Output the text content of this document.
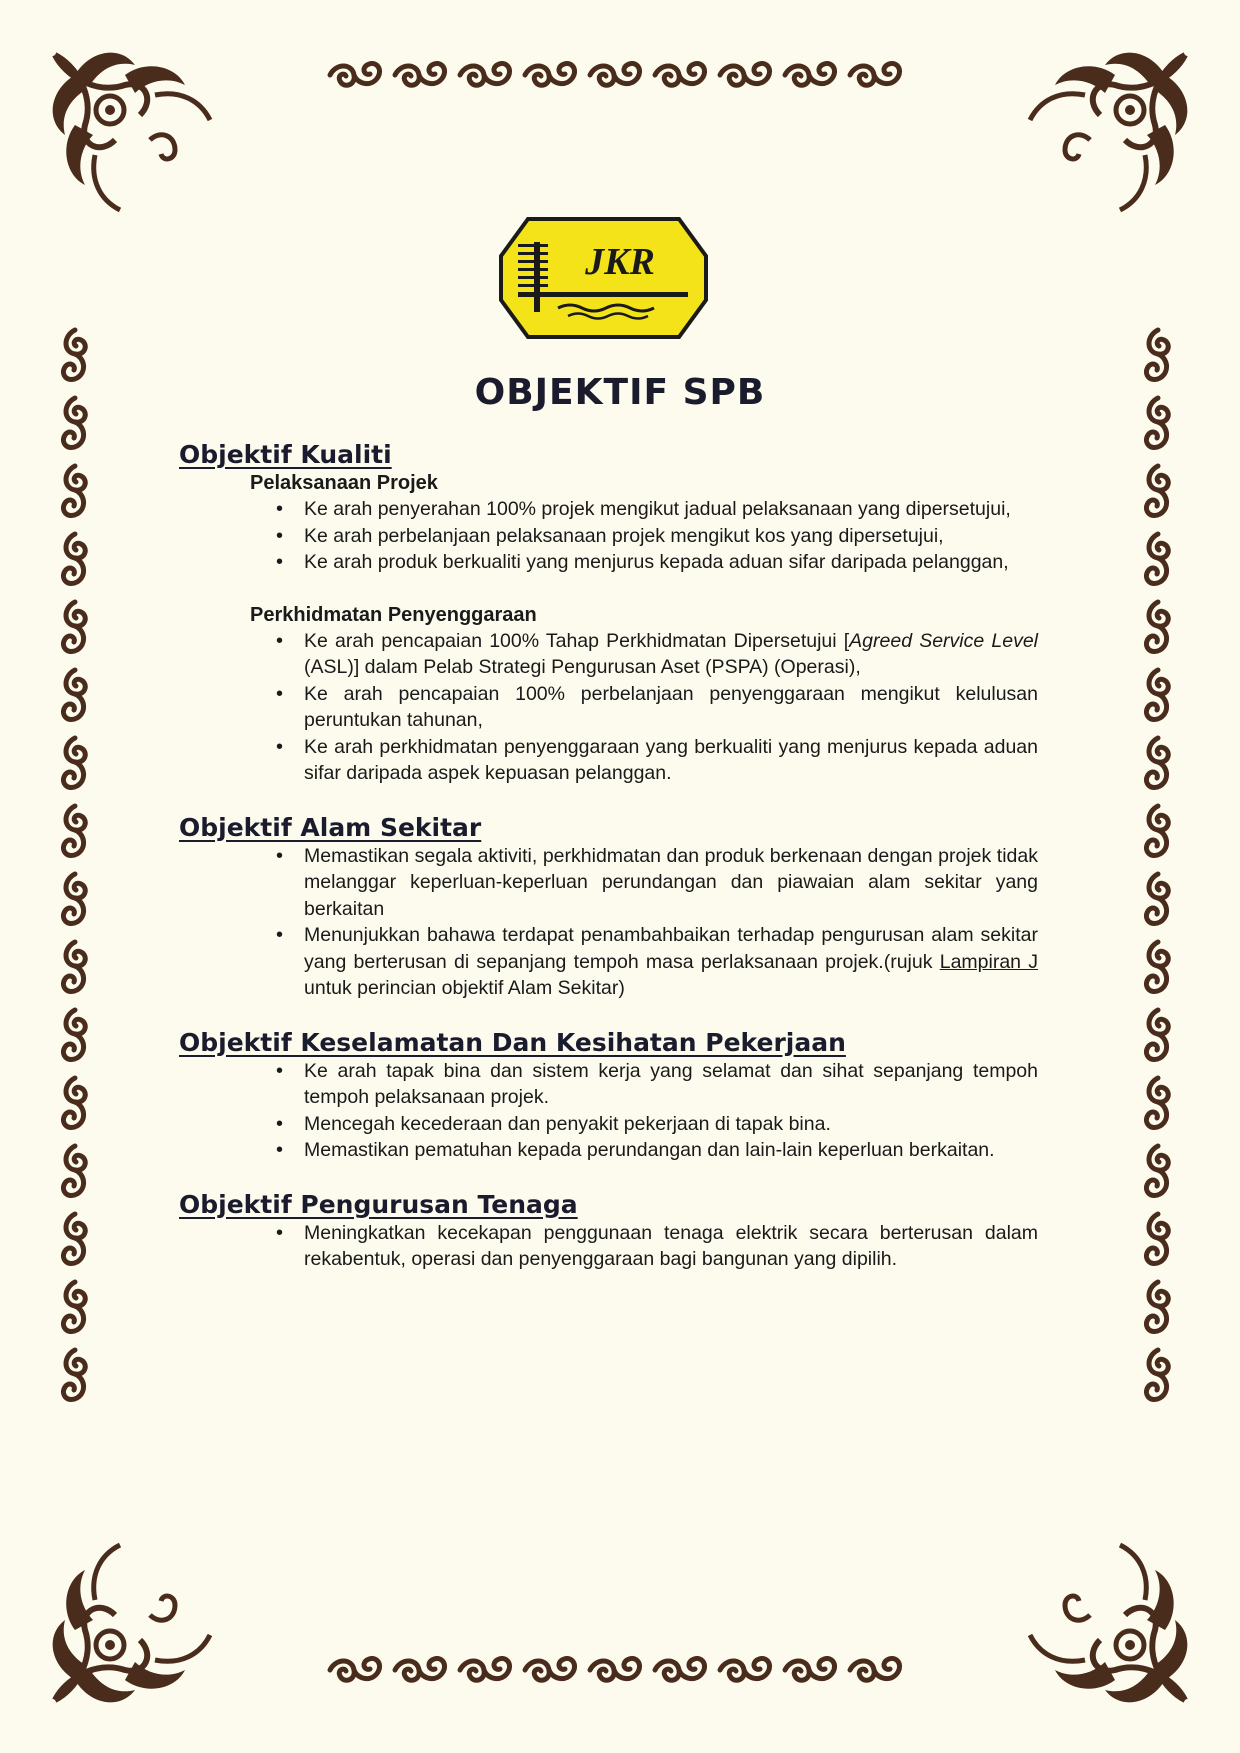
JKR
OBJEKTIF SPB
Objektif Kualiti
Pelaksanaan Projek
• Ke arah penyerahan 100% projek mengikut jadual pelaksanaan yang dipersetujui,
• Ke arah perbelanjaan pelaksanaan projek mengikut kos yang dipersetujui,
• Ke arah produk berkualiti yang menjurus kepada aduan sifar daripada pelanggan,
Perkhidmatan Penyenggaraan
• Ke arah pencapaian 100% Tahap Perkhidmatan Dipersetujui [Agreed Service Level (ASL)] dalam Pelab Strategi Pengurusan Aset (PSPA) (Operasi),
• Ke arah pencapaian 100% perbelanjaan penyenggaraan mengikut kelulusan peruntukan tahunan,
• Ke arah perkhidmatan penyenggaraan yang berkualiti yang menjurus kepada aduan sifar daripada aspek kepuasan pelanggan.
Objektif Alam Sekitar
• Memastikan segala aktiviti, perkhidmatan dan produk berkenaan dengan projek tidak melanggar keperluan-keperluan perundangan dan piawaian alam sekitar yang berkaitan
• Menunjukkan bahawa terdapat penambahbaikan terhadap pengurusan alam sekitar yang berterusan di sepanjang tempoh masa perlaksanaan projek.(rujuk Lampiran J untuk perincian objektif Alam Sekitar)
Objektif Keselamatan Dan Kesihatan Pekerjaan
• Ke arah tapak bina dan sistem kerja yang selamat dan sihat sepanjang tempoh tempoh pelaksanaan projek.
• Mencegah kecederaan dan penyakit pekerjaan di tapak bina.
• Memastikan pematuhan kepada perundangan dan lain-lain keperluan berkaitan.
Objektif Pengurusan Tenaga
• Meningkatkan kecekapan penggunaan tenaga elektrik secara berterusan dalam rekabentuk, operasi dan penyenggaraan bagi bangunan yang dipilih.
